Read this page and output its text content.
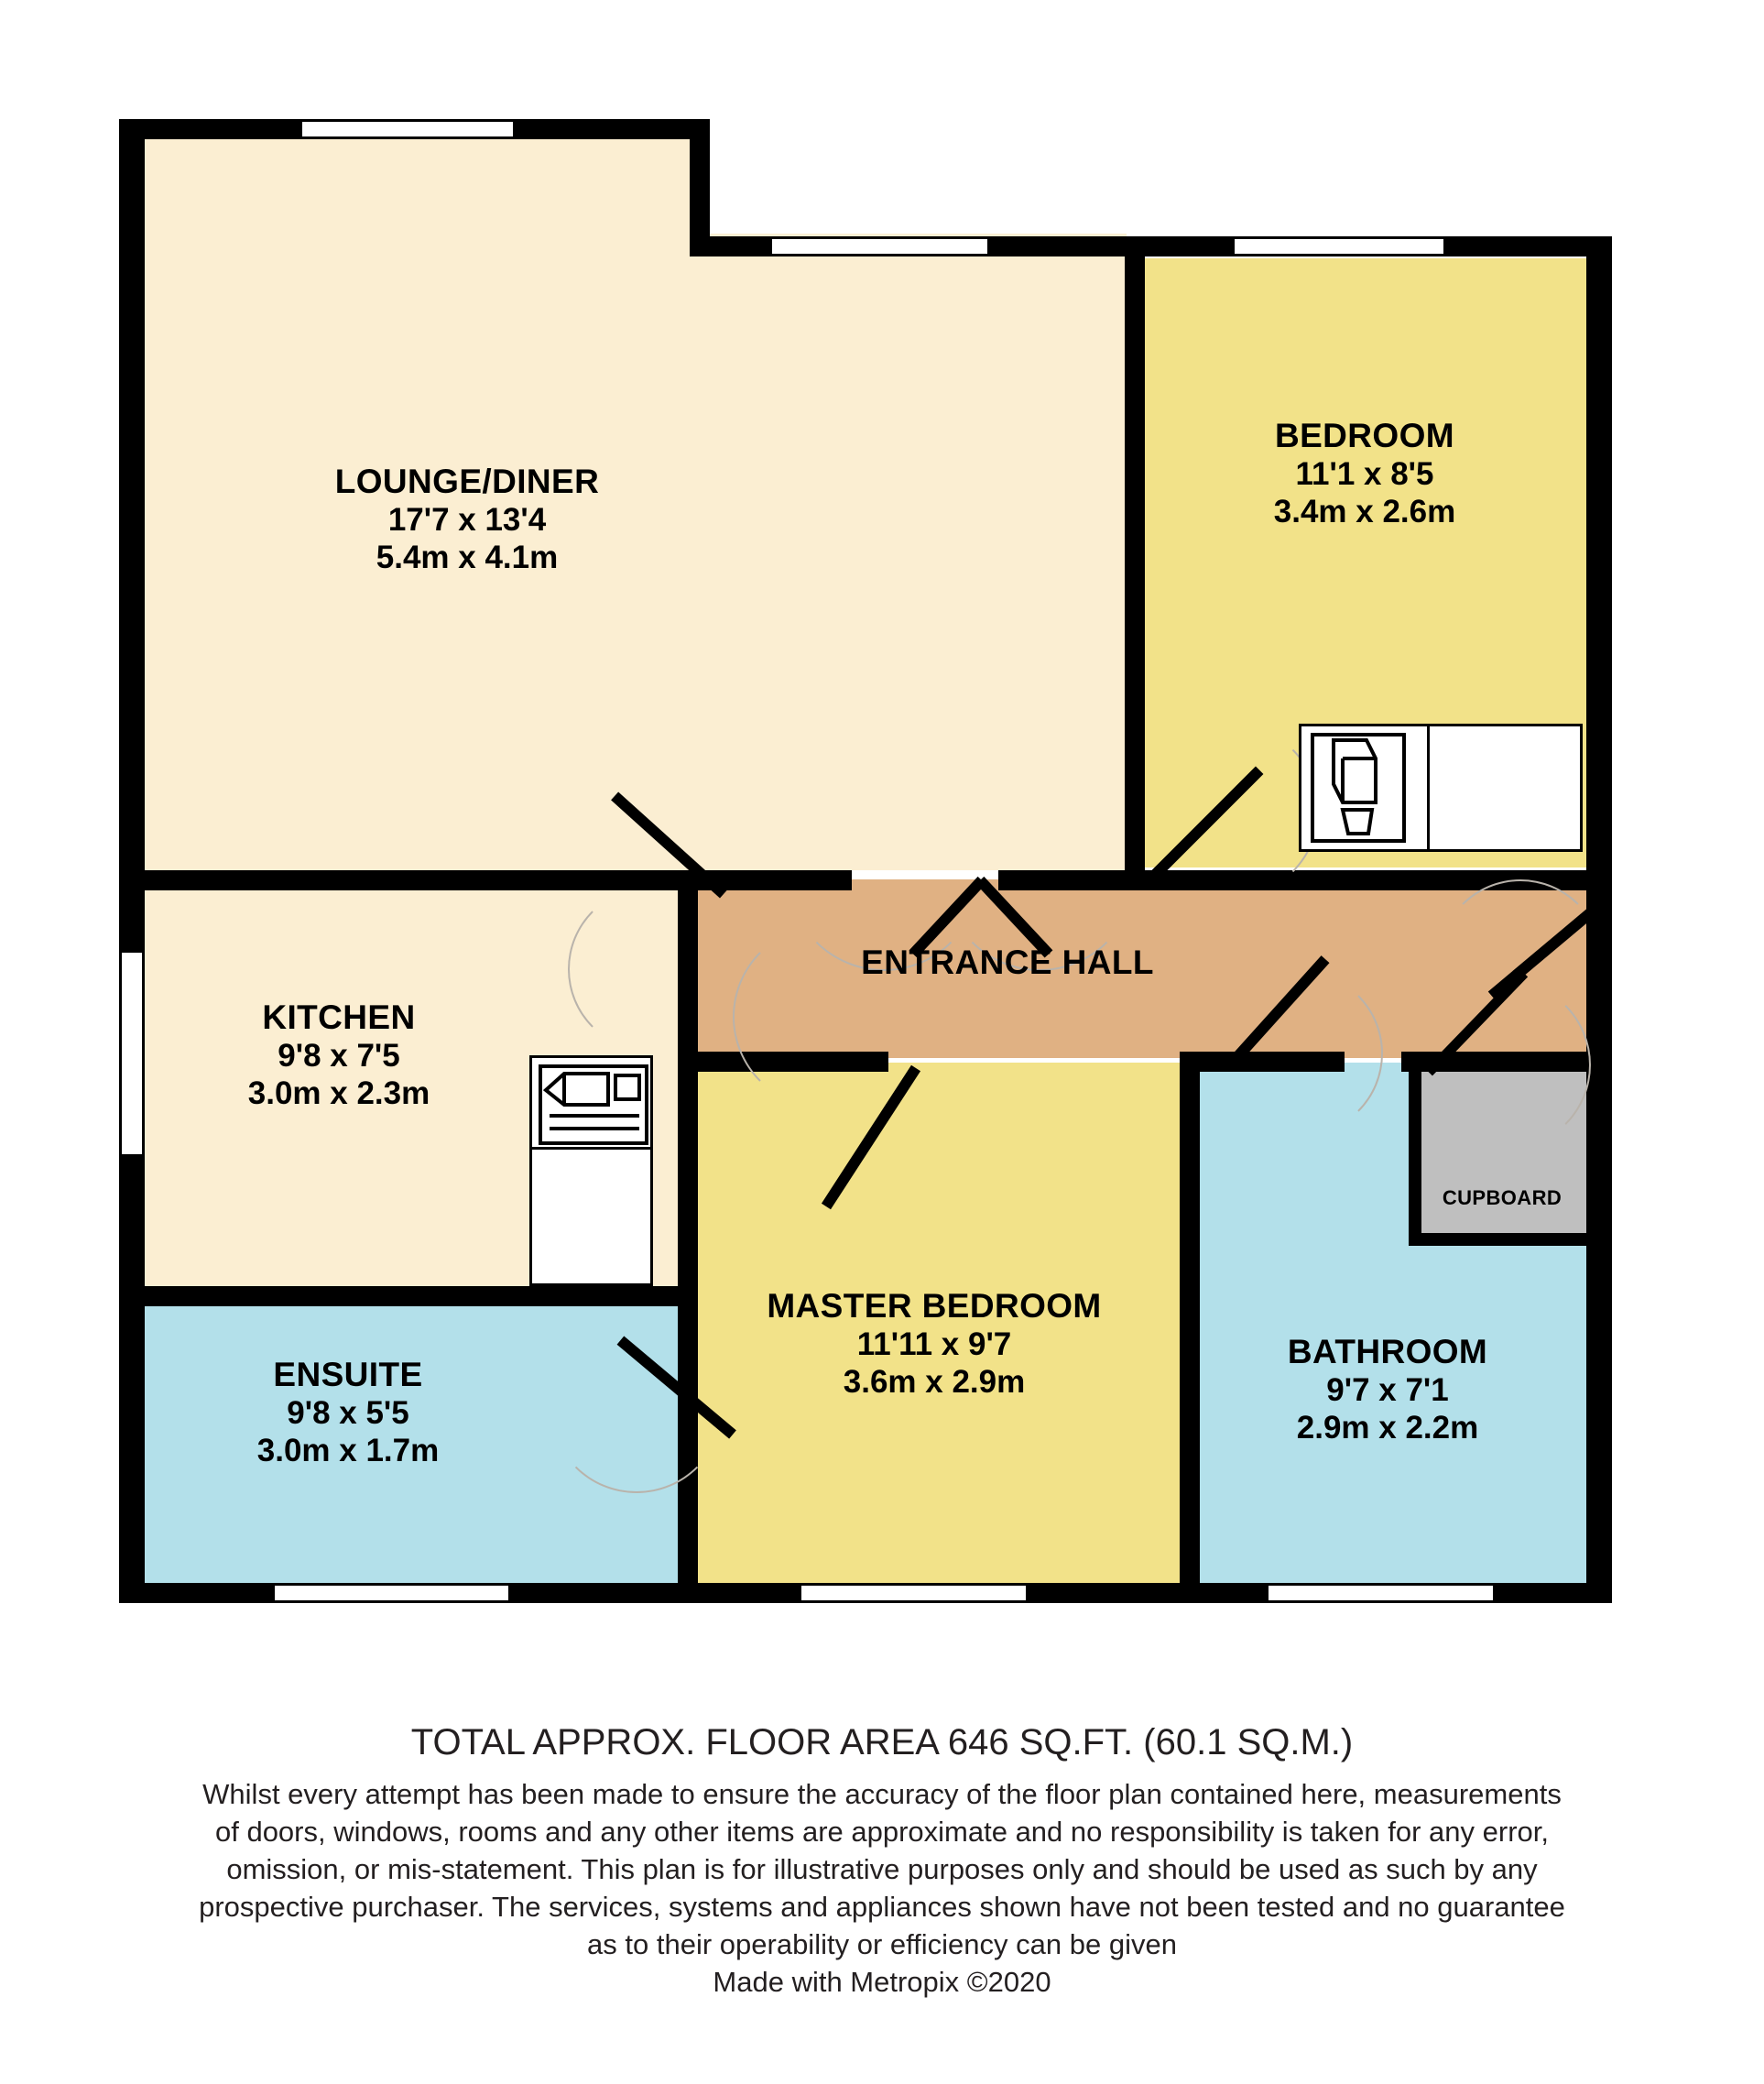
LOUNGE/DINER
17'7 x 13'4
5.4m x 4.1m
BEDROOM
11'1 x 8'5
3.4m x 2.6m
KITCHEN
9'8 x 7'5
3.0m x 2.3m
ENTRANCE HALL
MASTER BEDROOM
11'11 x 9'7
3.6m x 2.9m
BATHROOM
9'7 x 7'1
2.9m x 2.2m
ENSUITE
9'8 x 5'5
3.0m x 1.7m
CUPBOARD
TOTAL APPROX. FLOOR AREA 646 SQ.FT. (60.1 SQ.M.)
Whilst every attempt has been made to ensure the accuracy of the floor plan contained here, measurements
of doors, windows, rooms and any other items are approximate and no responsibility is taken for any error,
omission, or mis-statement. This plan is for illustrative purposes only and should be used as such by any
prospective purchaser. The services, systems and appliances shown have not been tested and no guarantee
as to their operability or efficiency can be given
Made with Metropix ©2020
